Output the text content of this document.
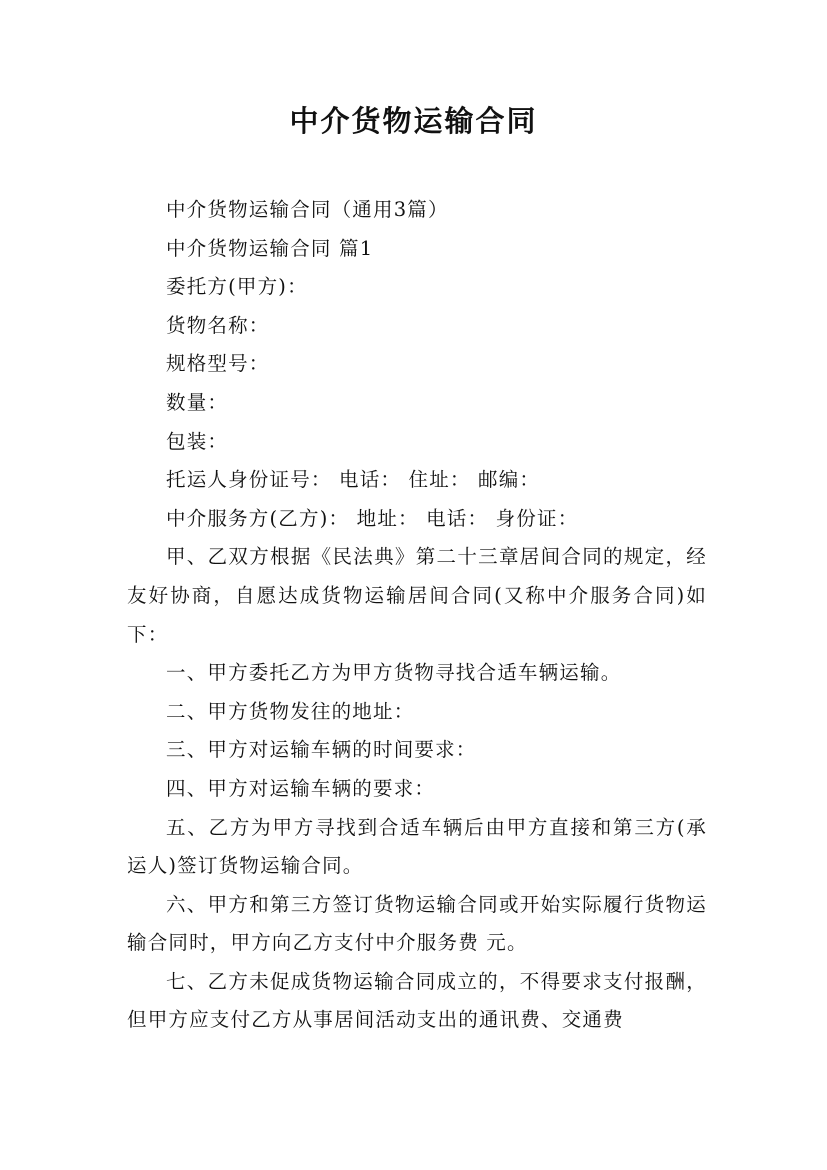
中介货物运输合同

中介货物运输合同（通用3篇）

中介货物运输合同 篇1

委托方(甲方)：

货物名称：

规格型号：

数量：

包装：

托运人身份证号： 电话： 住址： 邮编：

中介服务方(乙方)： 地址： 电话： 身份证：

甲、乙双方根据《民法典》第二十三章居间合同的规定，经友好协商，自愿达成货物运输居间合同(又称中介服务合同)如下：

一、甲方委托乙方为甲方货物寻找合适车辆运输。

二、甲方货物发往的地址：

三、甲方对运输车辆的时间要求：

四、甲方对运输车辆的要求：

五、乙方为甲方寻找到合适车辆后由甲方直接和第三方(承运人)签订货物运输合同。

六、甲方和第三方签订货物运输合同或开始实际履行货物运输合同时，甲方向乙方支付中介服务费 元。

七、乙方未促成货物运输合同成立的，不得要求支付报酬，但甲方应支付乙方从事居间活动支出的通讯费、交通费
